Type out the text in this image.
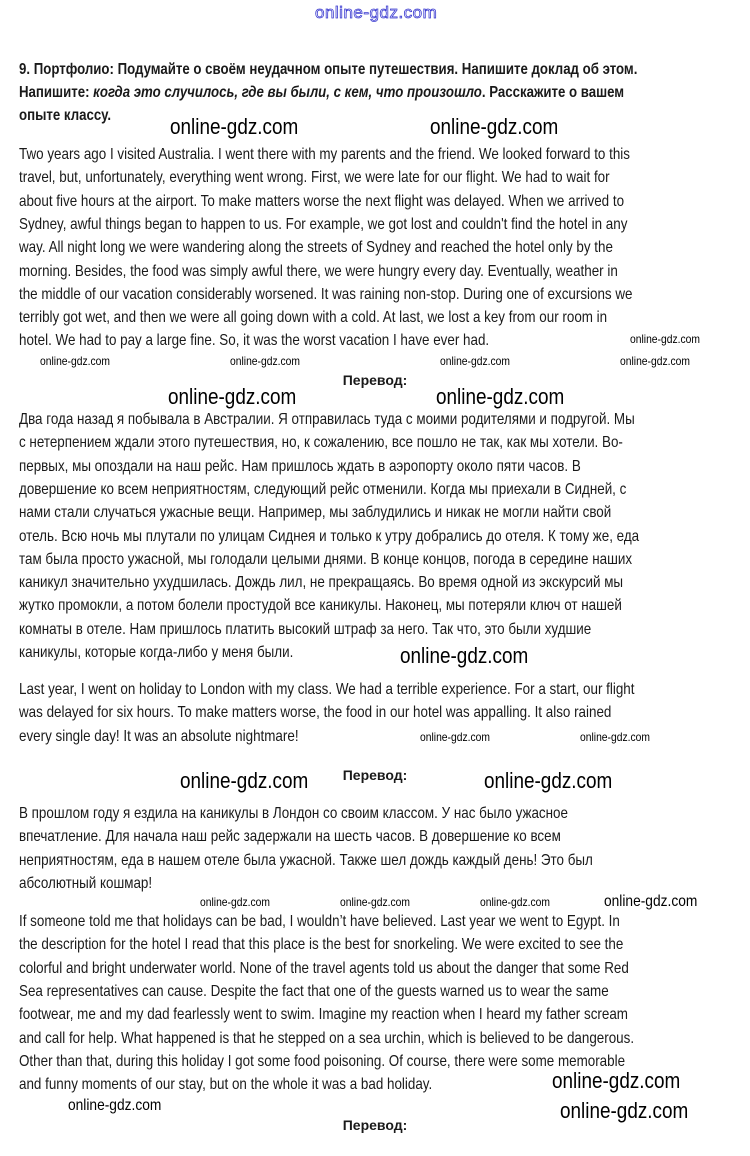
online-gdz.com
9. Портфолио: Подумайте о своём неудачном опыте путешествия. Напишите доклад об этом.
Напишите: когда это случилось, где вы были, с кем, что произошло. Расскажите о вашем
опыте классу.
Two years ago I visited Australia. I went there with my parents and the friend. We looked forward to this
travel, but, unfortunately, everything went wrong. First, we were late for our flight. We had to wait for
about five hours at the airport. To make matters worse the next flight was delayed. When we arrived to
Sydney, awful things began to happen to us. For example, we got lost and couldn't find the hotel in any
way. All night long we were wandering along the streets of Sydney and reached the hotel only by the
morning. Besides, the food was simply awful there, we were hungry every day. Eventually, weather in
the middle of our vacation considerably worsened. It was raining non-stop. During one of excursions we
terribly got wet, and then we were all going down with a cold. At last, we lost a key from our room in
hotel. We had to pay a large fine. So, it was the worst vacation I have ever had.
Перевод:
Два года назад я побывала в Австралии. Я отправилась туда с моими родителями и подругой. Мы
с нетерпением ждали этого путешествия, но, к сожалению, все пошло не так, как мы хотели. Во-
первых, мы опоздали на наш рейс. Нам пришлось ждать в аэропорту около пяти часов. В
довершение ко всем неприятностям, следующий рейс отменили. Когда мы приехали в Сидней, с
нами стали случаться ужасные вещи. Например, мы заблудились и никак не могли найти свой
отель. Всю ночь мы плутали по улицам Сиднея и только к утру добрались до отеля. К тому же, еда
там была просто ужасной, мы голодали целыми днями. В конце концов, погода в середине наших
каникул значительно ухудшилась. Дождь лил, не прекращаясь. Во время одной из экскурсий мы
жутко промокли, а потом болели простудой все каникулы. Наконец, мы потеряли ключ от нашей
комнаты в отеле. Нам пришлось платить высокий штраф за него. Так что, это были худшие
каникулы, которые когда-либо у меня были.
Last year, I went on holiday to London with my class. We had a terrible experience. For a start, our flight
was delayed for six hours. To make matters worse, the food in our hotel was appalling. It also rained
every single day! It was an absolute nightmare!
Перевод:
В прошлом году я ездила на каникулы в Лондон со своим классом. У нас было ужасное
впечатление. Для начала наш рейс задержали на шесть часов. В довершение ко всем
неприятностям, еда в нашем отеле была ужасной. Также шел дождь каждый день! Это был
абсолютный кошмар!
If someone told me that holidays can be bad, I wouldn’t have believed. Last year we went to Egypt. In
the description for the hotel I read that this place is the best for snorkeling. We were excited to see the
colorful and bright underwater world. None of the travel agents told us about the danger that some Red
Sea representatives can cause. Despite the fact that one of the guests warned us to wear the same
footwear, me and my dad fearlessly went to swim. Imagine my reaction when I heard my father scream
and call for help. What happened is that he stepped on a sea urchin, which is believed to be dangerous.
Other than that, during this holiday I got some food poisoning. Of course, there were some memorable
and funny moments of our stay, but on the whole it was a bad holiday.
Перевод:
online-gdz.com	online-gdz.com
online-gdz.com
online-gdz.com	online-gdz.com	online-gdz.com	online-gdz.com
online-gdz.com	online-gdz.com
online-gdz.com
online-gdz.com	online-gdz.com
online-gdz.com	online-gdz.com
online-gdz.com	online-gdz.com	online-gdz.com	online-gdz.com
online-gdz.com
online-gdz.com
online-gdz.com
